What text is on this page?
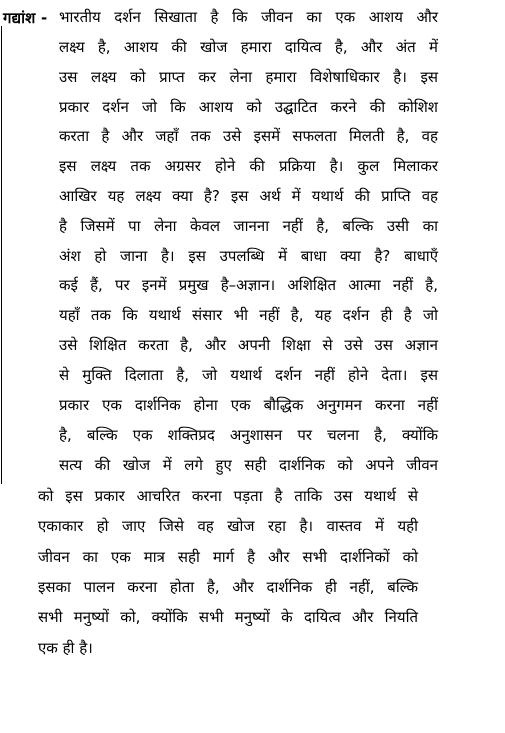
गद्यांश - भारतीय दर्शन सिखाता है कि जीवन का एक आशय और
लक्ष्य है, आशय की खोज हमारा दायित्व है, और अंत में
उस लक्ष्य को प्राप्त कर लेना हमारा विशेषाधिकार है। इस
प्रकार दर्शन जो कि आशय को उद्घाटित करने की कोशिश
करता है और जहाँ तक उसे इसमें सफलता मिलती है, वह
इस लक्ष्य तक अग्रसर होने की प्रक्रिया है। कुल मिलाकर
आखिर यह लक्ष्य क्या है? इस अर्थ में यथार्थ की प्राप्ति वह
है जिसमें पा लेना केवल जानना नहीं है, बल्कि उसी का
अंश हो जाना है। इस उपलब्धि में बाधा क्या है? बाधाएँ
कई हैं, पर इनमें प्रमुख है–अज्ञान। अशिक्षित आत्मा नहीं है,
यहाँ तक कि यथार्थ संसार भी नहीं है, यह दर्शन ही है जो
उसे शिक्षित करता है, और अपनी शिक्षा से उसे उस अज्ञान
से मुक्ति दिलाता है, जो यथार्थ दर्शन नहीं होने देता। इस
प्रकार एक दार्शनिक होना एक बौद्धिक अनुगमन करना नहीं
है, बल्कि एक शक्तिप्रद अनुशासन पर चलना है, क्योंकि
सत्य की खोज में लगे हुए सही दार्शनिक को अपने जीवन
को इस प्रकार आचरित करना पड़ता है ताकि उस यथार्थ से
एकाकार हो जाए जिसे वह खोज रहा है। वास्तव में यही
जीवन का एक मात्र सही मार्ग है और सभी दार्शनिकों को
इसका पालन करना होता है, और दार्शनिक ही नहीं, बल्कि
सभी मनुष्यों को, क्योंकि सभी मनुष्यों के दायित्व और नियति
एक ही है।
